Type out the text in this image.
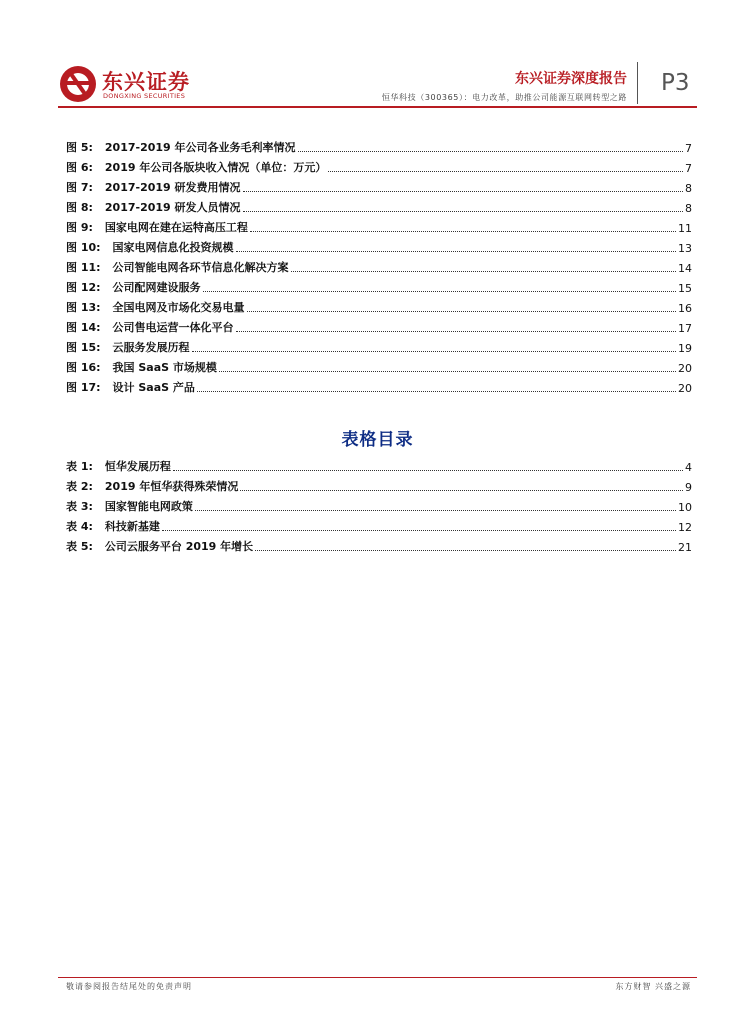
东兴证券
DONGXING SECURITIES
东兴证券深度报告
恒华科技（300365）：电力改革，助推公司能源互联网转型之路
P3
图 5: 2017-2019 年公司各业务毛利率情况	7
图 6: 2019 年公司各版块收入情况（单位：万元）	7
图 7: 2017-2019 研发费用情况	8
图 8: 2017-2019 研发人员情况	8
图 9: 国家电网在建在运特高压工程	11
图 10: 国家电网信息化投资规模	13
图 11: 公司智能电网各环节信息化解决方案	14
图 12: 公司配网建设服务	15
图 13: 全国电网及市场化交易电量	16
图 14: 公司售电运营一体化平台	17
图 15: 云服务发展历程	19
图 16: 我国 SaaS 市场规模	20
图 17: 设计 SaaS 产品	20
表格目录
表 1: 恒华发展历程	4
表 2: 2019 年恒华获得殊荣情况	9
表 3: 国家智能电网政策	10
表 4: 科技新基建	12
表 5: 公司云服务平台 2019 年增长	21
敬请参阅报告结尾处的免责声明	东方财智 兴盛之源
